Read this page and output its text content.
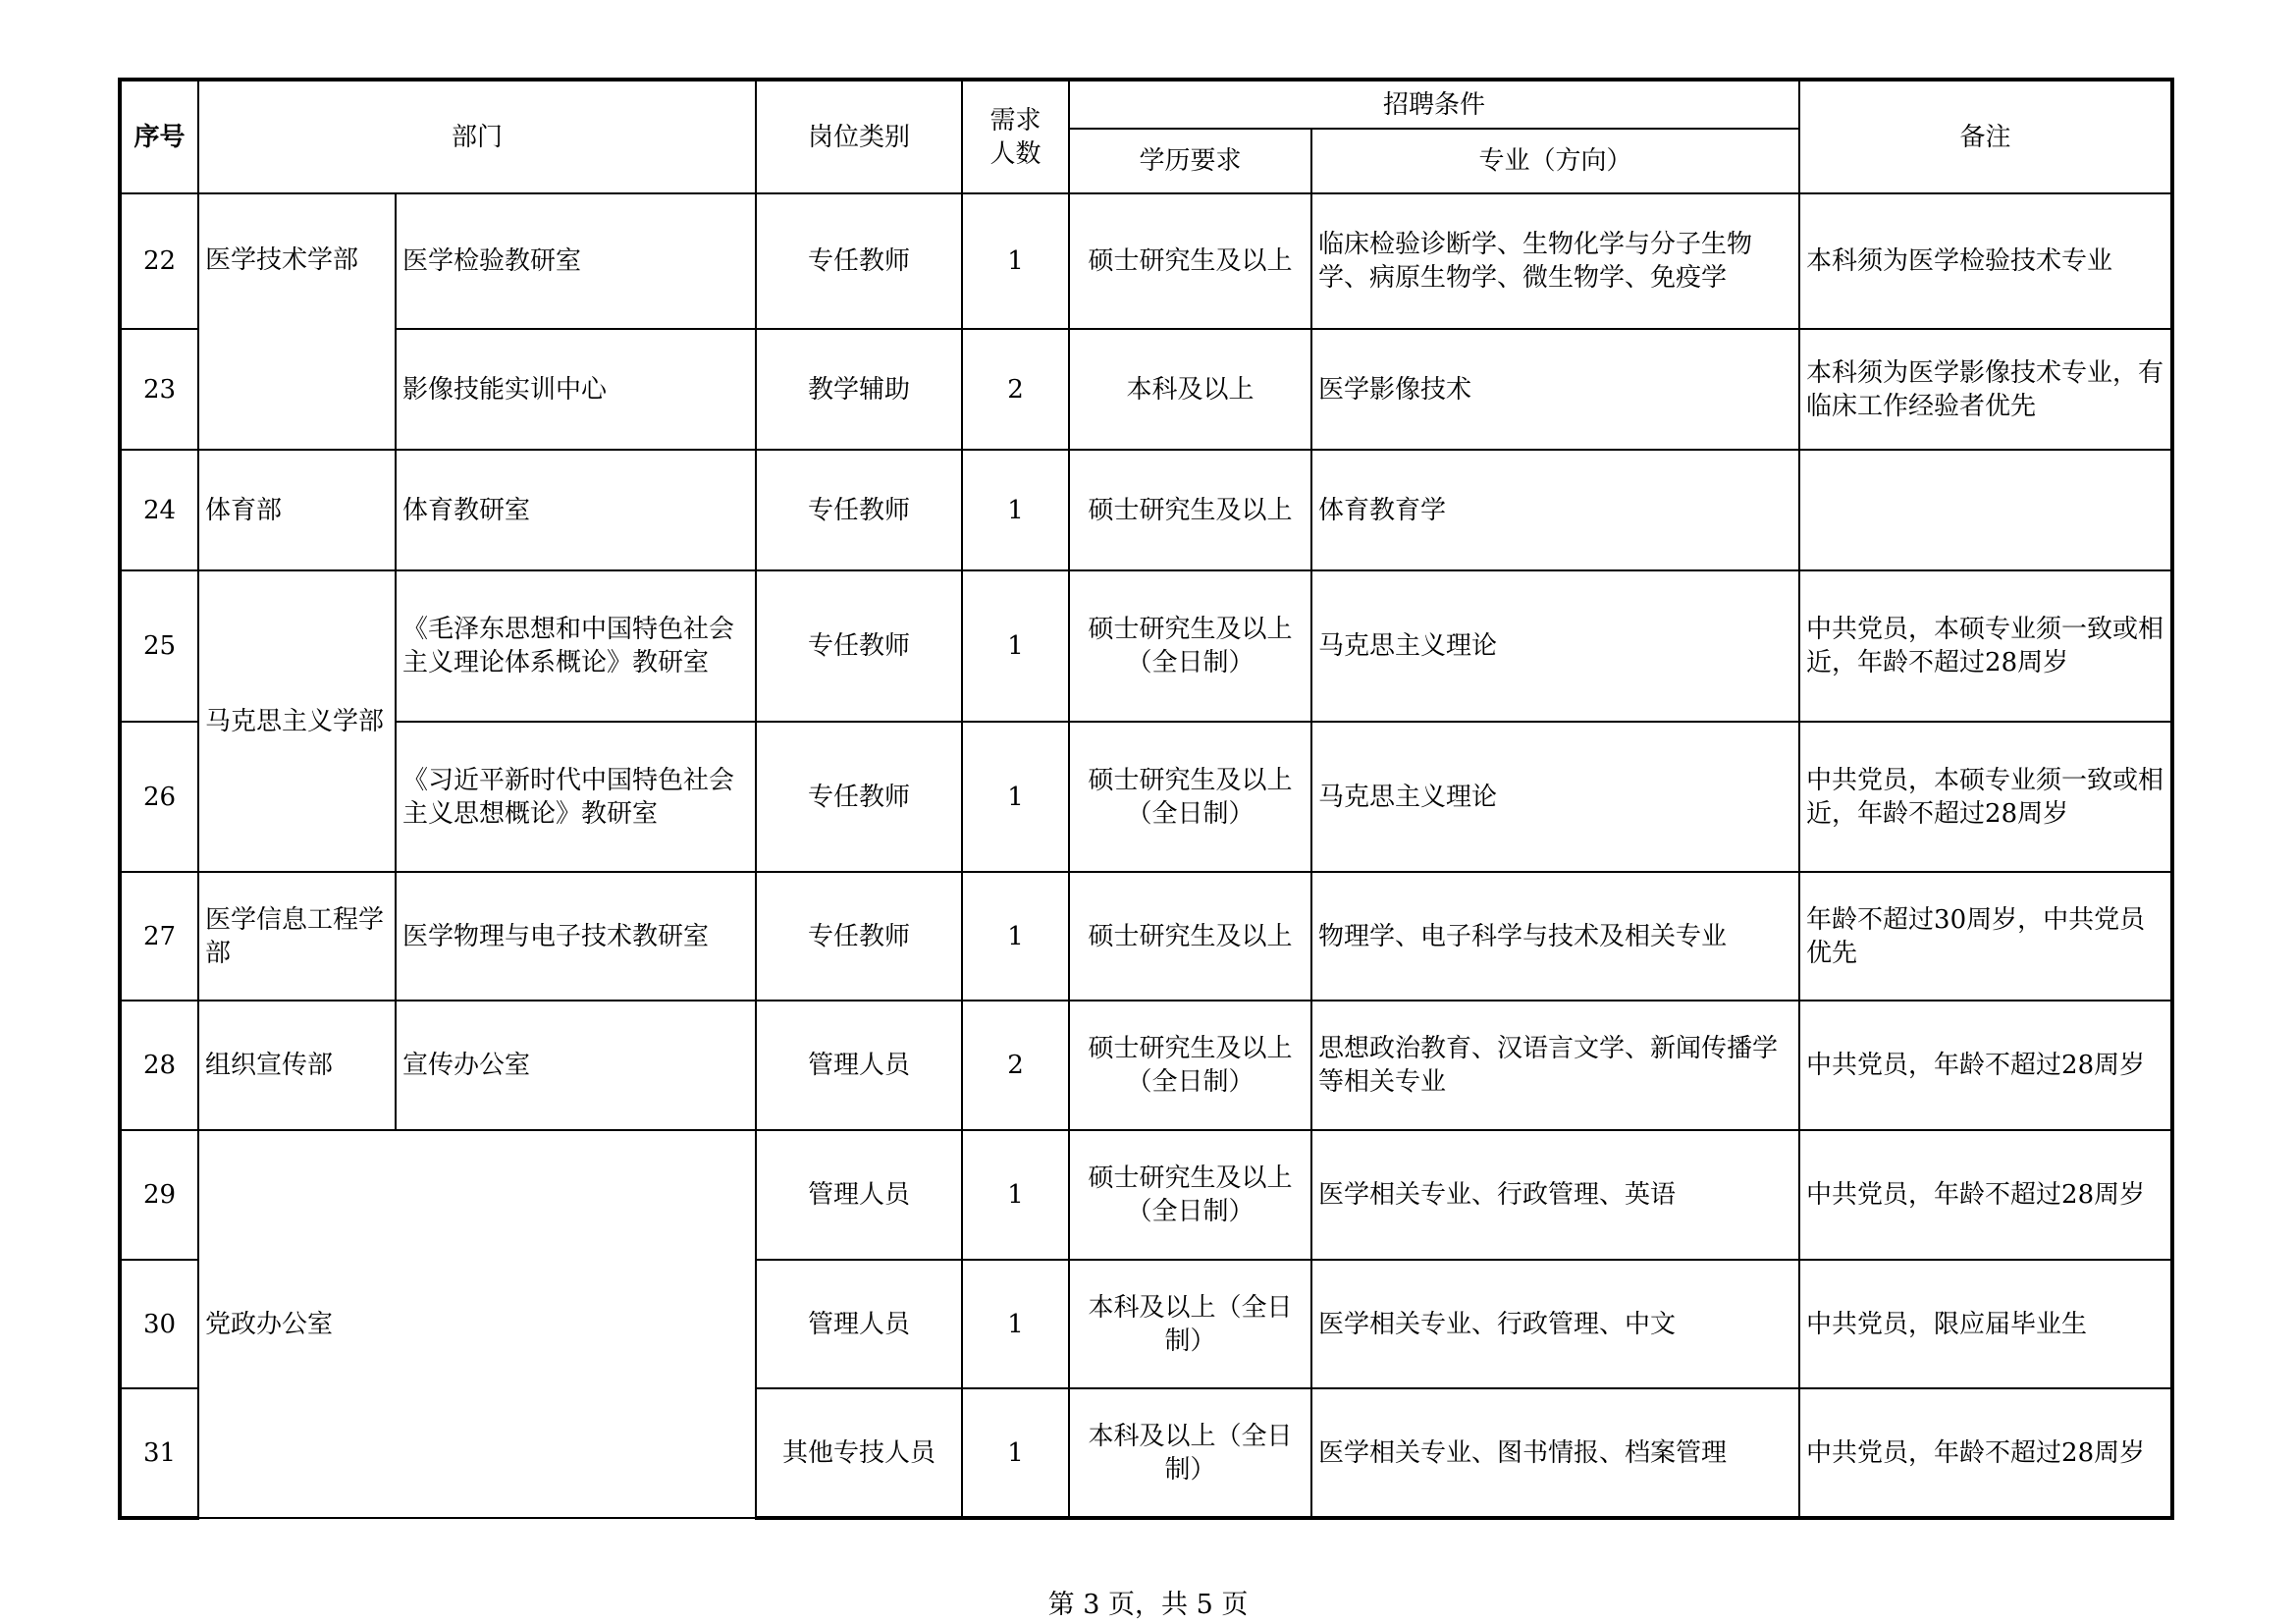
序号	部门		岗位类别	需求人数	招聘条件		备注
					学历要求	专业（方向）	
22	医学技术学部	医学检验教研室	专任教师	1	硕士研究生及以上	临床检验诊断学、生物化学与分子生物学、病原生物学、微生物学、免疫学	本科须为医学检验技术专业
23		影像技能实训中心	教学辅助	2	本科及以上	医学影像技术	本科须为医学影像技术专业，有临床工作经验者优先
24	体育部	体育教研室	专任教师	1	硕士研究生及以上	体育教育学	
25	马克思主义学部	《毛泽东思想和中国特色社会主义理论体系概论》教研室	专任教师	1	硕士研究生及以上（全日制）	马克思主义理论	中共党员，本硕专业须一致或相近，年龄不超过28周岁
26		《习近平新时代中国特色社会主义思想概论》教研室	专任教师	1	硕士研究生及以上（全日制）	马克思主义理论	中共党员，本硕专业须一致或相近，年龄不超过28周岁
27	医学信息工程学部	医学物理与电子技术教研室	专任教师	1	硕士研究生及以上	物理学、电子科学与技术及相关专业	年龄不超过30周岁，中共党员优先
28	组织宣传部	宣传办公室	管理人员	2	硕士研究生及以上（全日制）	思想政治教育、汉语言文学、新闻传播学等相关专业	中共党员，年龄不超过28周岁
29	党政办公室		管理人员	1	硕士研究生及以上（全日制）	医学相关专业、行政管理、英语	中共党员，年龄不超过28周岁
30			管理人员	1	本科及以上（全日制）	医学相关专业、行政管理、中文	中共党员，限应届毕业生
31			其他专技人员	1	本科及以上（全日制）	医学相关专业、图书情报、档案管理	中共党员，年龄不超过28周岁
第 3 页，共 5 页
